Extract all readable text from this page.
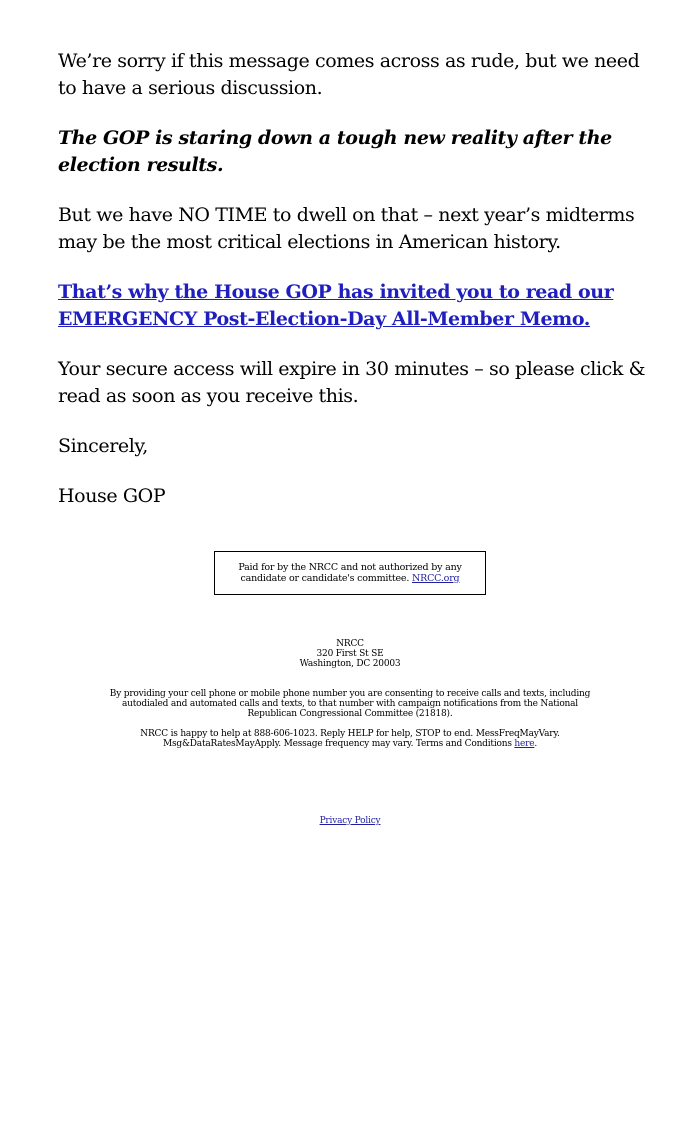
We’re sorry if this message comes across as rude, but we need to have a serious discussion.

The GOP is staring down a tough new reality after the election results.

But we have NO TIME to dwell on that – next year’s midterms may be the most critical elections in American history.

That’s why the House GOP has invited you to read our EMERGENCY Post-Election-Day All-Member Memo.

Your secure access will expire in 30 minutes – so please click & read as soon as you receive this.

Sincerely,

House GOP

Paid for by the NRCC and not authorized by any
candidate or candidate's committee. NRCC.org
NRCC
320 First St SE
Washington, DC 20003
By providing your cell phone or mobile phone number you are consenting to receive calls and texts, including
autodialed and automated calls and texts, to that number with campaign notifications from the National
Republican Congressional Committee (21818).
NRCC is happy to help at 888-606-1023. Reply HELP for help, STOP to end. MessFreqMayVary.
Msg&DataRatesMayApply. Message frequency may vary. Terms and Conditions here.
Privacy Policy
